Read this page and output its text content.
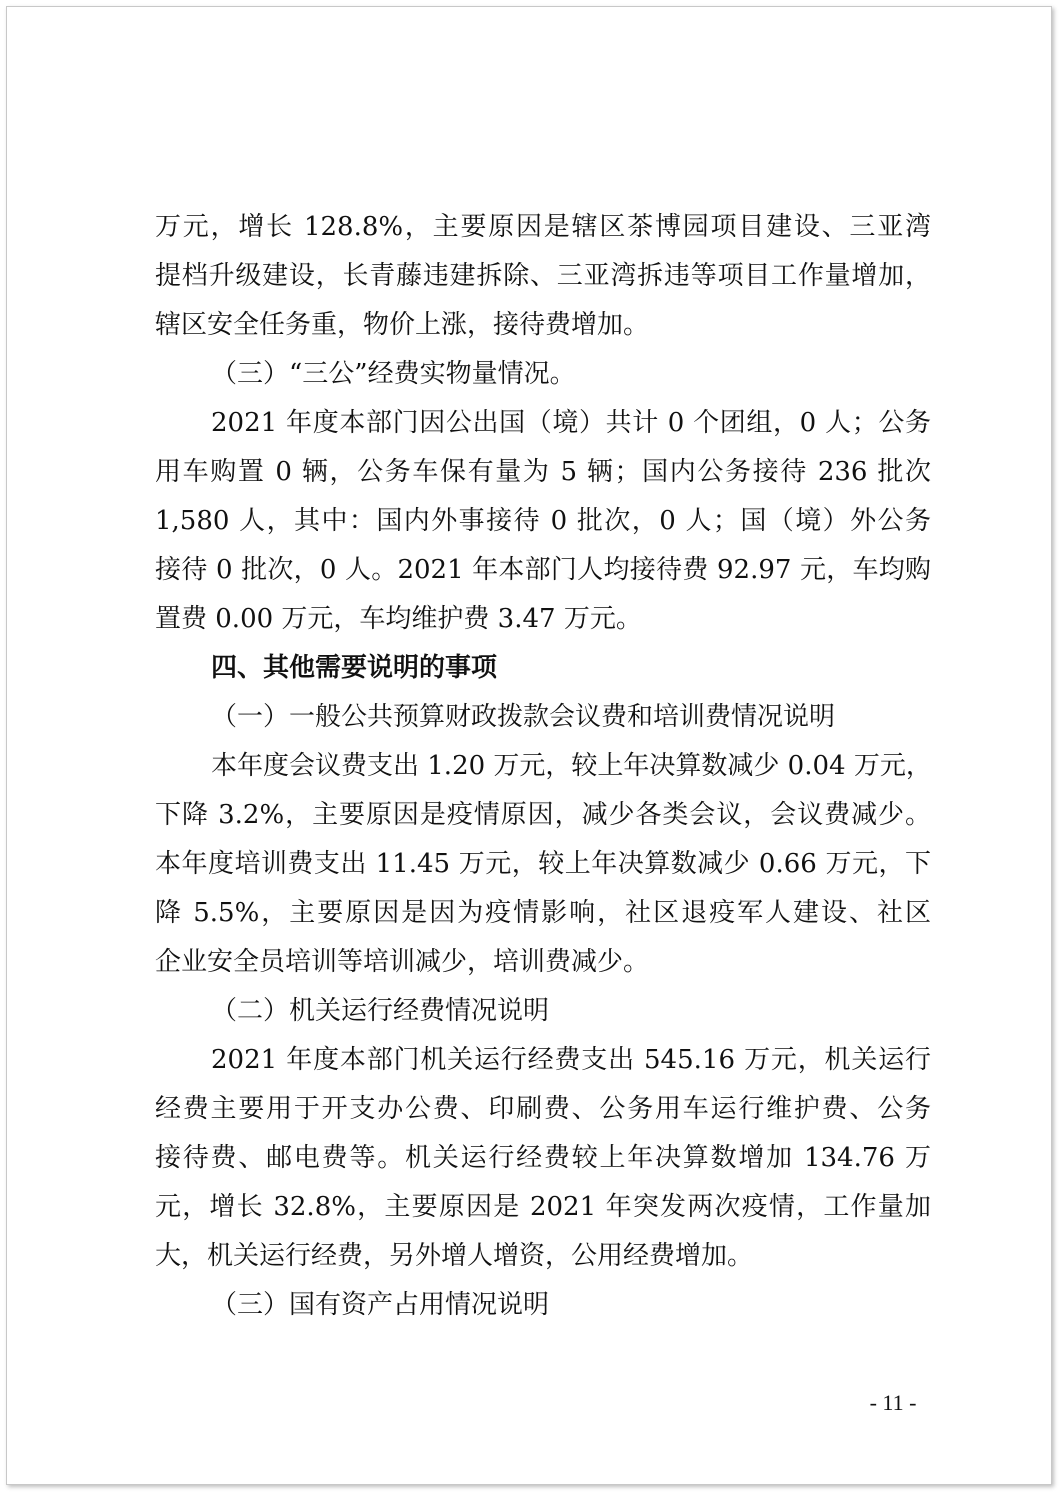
万元，增长 128.8%，主要原因是辖区茶博园项目建设、三亚湾
提档升级建设，长青藤违建拆除、三亚湾拆违等项目工作量增加，
辖区安全任务重，物价上涨，接待费增加。
（三）“三公”经费实物量情况。
2021 年度本部门因公出国（境）共计 0 个团组，0 人；公务
用车购置 0 辆，公务车保有量为 5 辆；国内公务接待 236 批次
1,580 人，其中：国内外事接待 0 批次，0 人；国（境）外公务
接待 0 批次，0 人。2021 年本部门人均接待费 92.97 元，车均购
置费 0.00 万元，车均维护费 3.47 万元。
四、其他需要说明的事项
（一）一般公共预算财政拨款会议费和培训费情况说明
本年度会议费支出 1.20 万元，较上年决算数减少 0.04 万元，
下降 3.2%，主要原因是疫情原因，减少各类会议，会议费减少。
本年度培训费支出 11.45 万元，较上年决算数减少 0.66 万元，下
降 5.5%，主要原因是因为疫情影响，社区退疫军人建设、社区
企业安全员培训等培训减少，培训费减少。
（二）机关运行经费情况说明
2021 年度本部门机关运行经费支出 545.16 万元，机关运行
经费主要用于开支办公费、印刷费、公务用车运行维护费、公务
接待费、邮电费等。机关运行经费较上年决算数增加 134.76 万
元，增长 32.8%，主要原因是 2021 年突发两次疫情，工作量加
大，机关运行经费，另外增人增资，公用经费增加。
（三）国有资产占用情况说明
- 11 -
